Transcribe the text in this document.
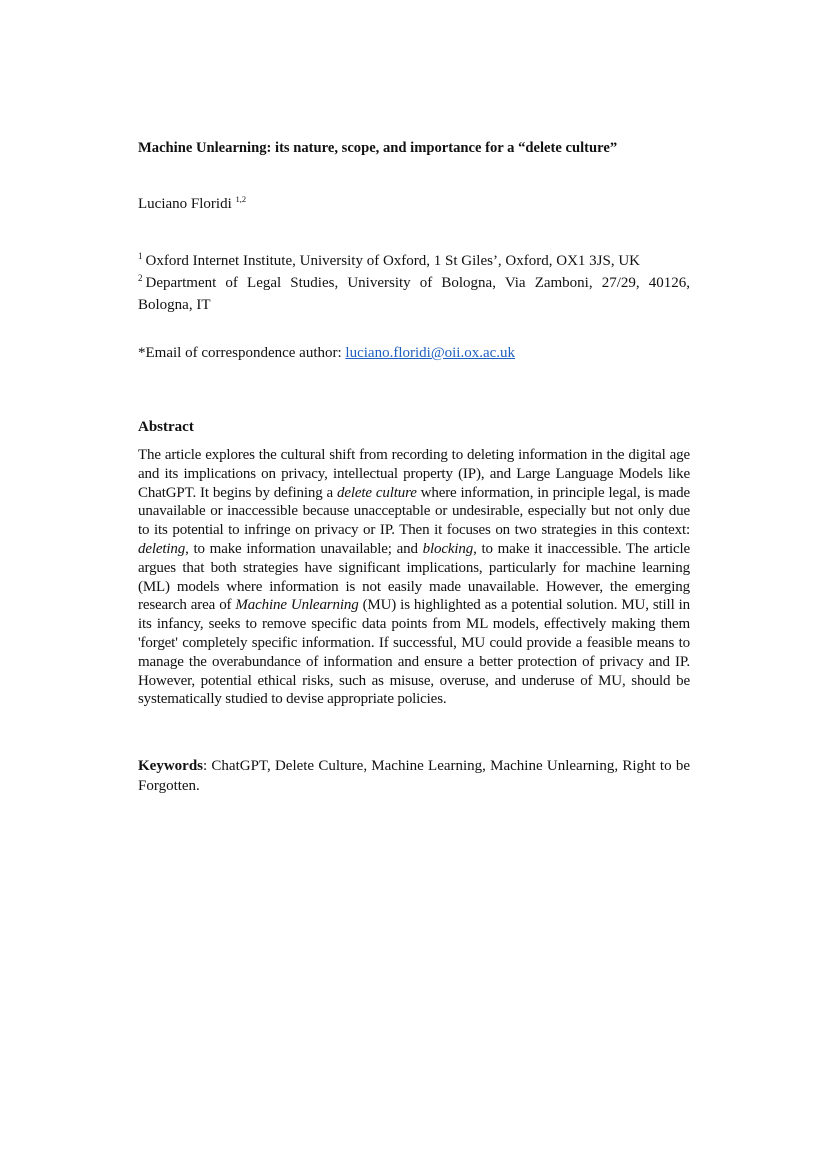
Machine Unlearning: its nature, scope, and importance for a “delete culture”
Luciano Floridi $^{1,2}$
$^1$ Oxford Internet Institute, University of Oxford, 1 St Giles’, Oxford, OX1 3JS, UK
$^2$ Department of Legal Studies, University of Bologna, Via Zamboni, 27/29, 40126, Bologna, IT
*Email of correspondence author: luciano.floridi@oii.ox.ac.uk
Abstract
The article explores the cultural shift from recording to deleting information in the digital age and its implications on privacy, intellectual property (IP), and Large Language Models like ChatGPT. It begins by defining a delete culture where information, in principle legal, is made unavailable or inaccessible because unacceptable or undesirable, especially but not only due to its potential to infringe on privacy or IP. Then it focuses on two strategies in this context: deleting, to make information unavailable; and blocking, to make it inaccessible. The article argues that both strategies have significant implications, particularly for machine learning (ML) models where information is not easily made unavailable. However, the emerging research area of Machine Unlearning (MU) is highlighted as a potential solution. MU, still in its infancy, seeks to remove specific data points from ML models, effectively making them 'forget' completely specific information. If successful, MU could provide a feasible means to manage the overabundance of information and ensure a better protection of privacy and IP. However, potential ethical risks, such as misuse, overuse, and underuse of MU, should be systematically studied to devise appropriate policies.
Keywords: ChatGPT, Delete Culture, Machine Learning, Machine Unlearning, Right to be Forgotten.
